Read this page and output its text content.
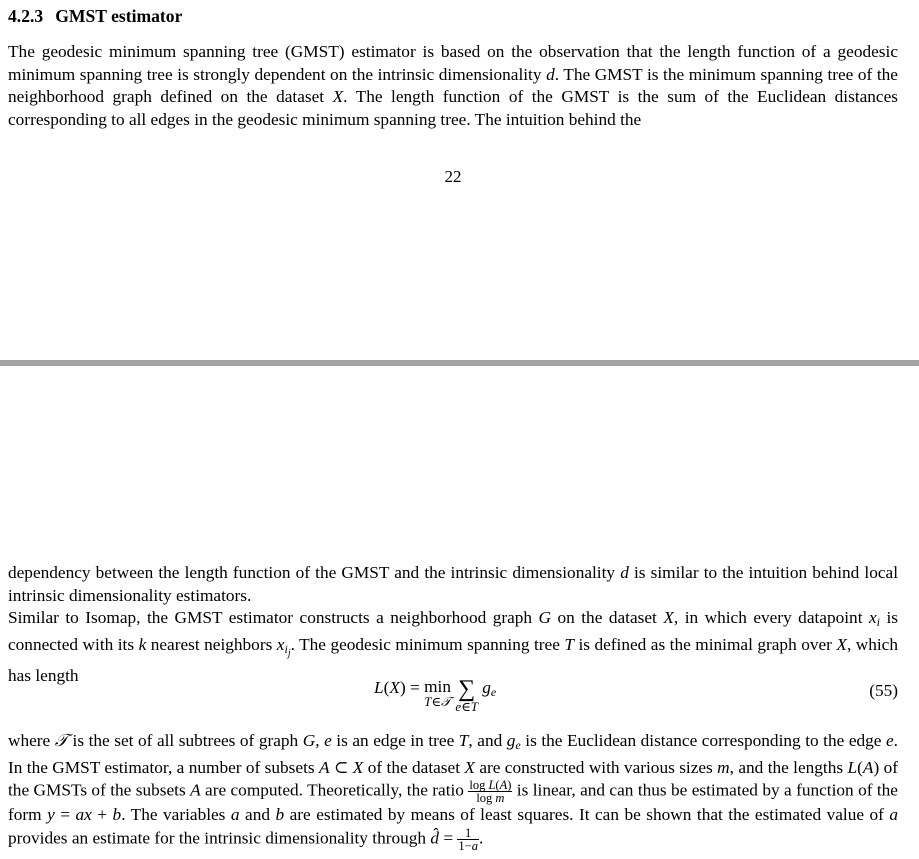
4.2.3 GMST estimator

The geodesic minimum spanning tree (GMST) estimator is based on the observation that the length function of a geodesic minimum spanning tree is strongly dependent on the intrinsic dimensionality d. The GMST is the minimum spanning tree of the neighborhood graph defined on the dataset X. The length function of the GMST is the sum of the Euclidean distances corresponding to all edges in the geodesic minimum spanning tree. The intuition behind the

22

dependency between the length function of the GMST and the intrinsic dimensionality d is similar to the intuition behind local intrinsic dimensionality estimators.

Similar to Isomap, the GMST estimator constructs a neighborhood graph G on the dataset X, in which every datapoint $x_i$ is connected with its k nearest neighbors $x_{i_j}$. The geodesic minimum spanning tree T is defined as the minimal graph over X, which has length

L(X) = min
T∈𝒯
∑
e∈T
$g_e$	(55)

where 𝒯 is the set of all subtrees of graph G, e is an edge in tree T, and $g_e$ is the Euclidean distance corresponding to the edge e. In the GMST estimator, a number of subsets A ⊂ X of the dataset X are constructed with various sizes m, and the lengths L(A) of the GMSTs of the subsets A are computed. Theoretically, the ratio $\frac{\text{log L(A)}}{\text{log m}}$ is linear, and can thus be estimated by a function of the form y = ax + b. The variables a and b are estimated by means of least squares. It can be shown that the estimated value of a provides an estimate for the intrinsic dimensionality through d̂ = $\frac{1}{1-a}$ .
